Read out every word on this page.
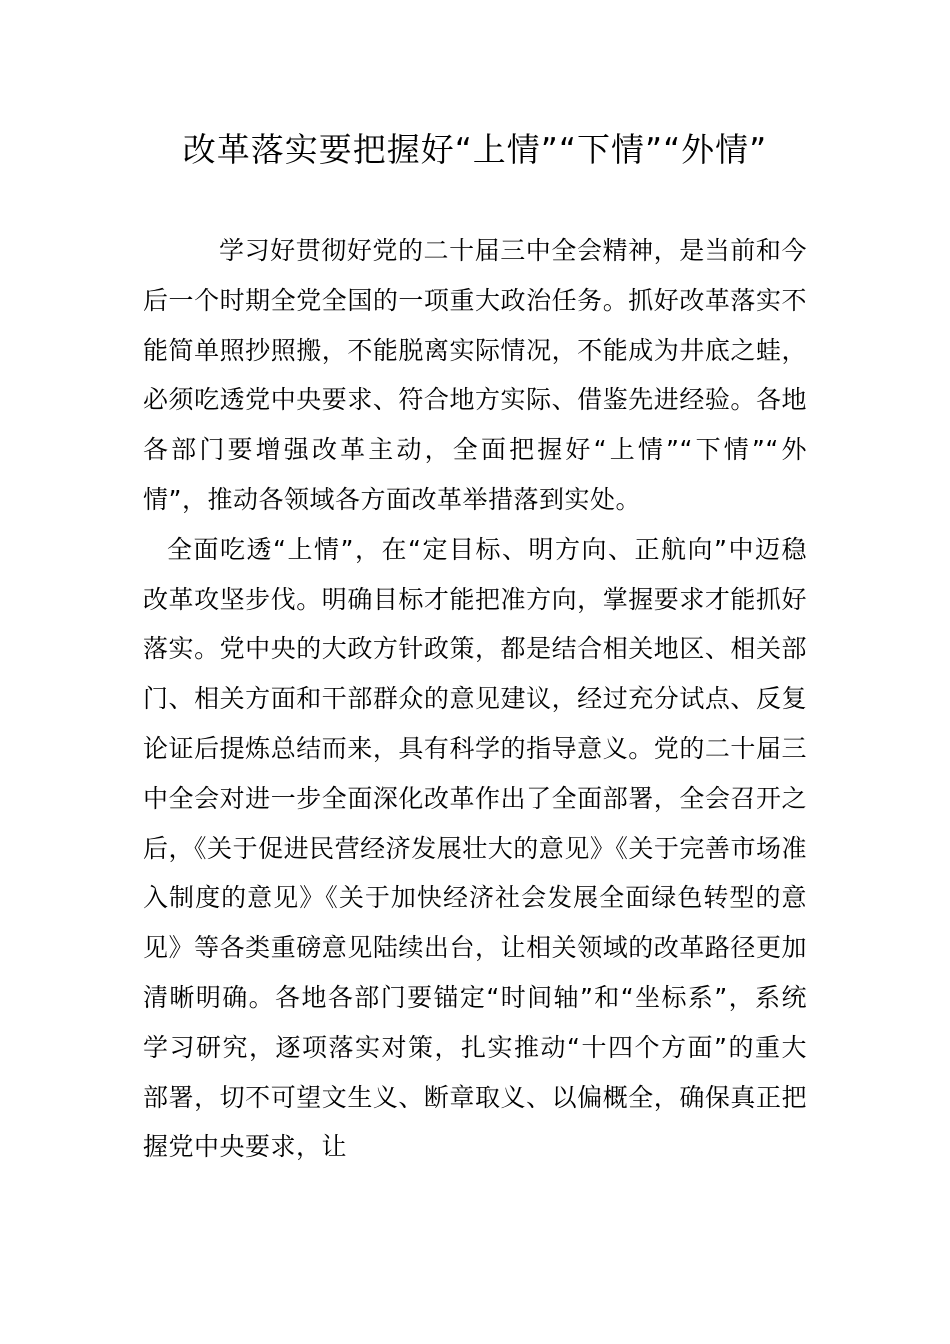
改革落实要把握好“上情”“下情”“外情”

学习好贯彻好党的二十届三中全会精神，是当前和今后一个时期全党全国的一项重大政治任务。抓好改革落实不能简单照抄照搬，不能脱离实际情况，不能成为井底之蛙，必须吃透党中央要求、符合地方实际、借鉴先进经验。各地各部门要增强改革主动，全面把握好“上情”“下情”“外情”，推动各领域各方面改革举措落到实处。

全面吃透“上情”，在“定目标、明方向、正航向”中迈稳改革攻坚步伐。明确目标才能把准方向，掌握要求才能抓好落实。党中央的大政方针政策，都是结合相关地区、相关部门、相关方面和干部群众的意见建议，经过充分试点、反复论证后提炼总结而来，具有科学的指导意义。党的二十届三中全会对进一步全面深化改革作出了全面部署，全会召开之后，《关于促进民营经济发展壮大的意见》《关于完善市场准入制度的意见》《关于加快经济社会发展全面绿色转型的意见》等各类重磅意见陆续出台，让相关领域的改革路径更加清晰明确。各地各部门要锚定“时间轴”和“坐标系”，系统学习研究，逐项落实对策，扎实推动“十四个方面”的重大部署，切不可望文生义、断章取义、以偏概全，确保真正把握党中央要求，让
